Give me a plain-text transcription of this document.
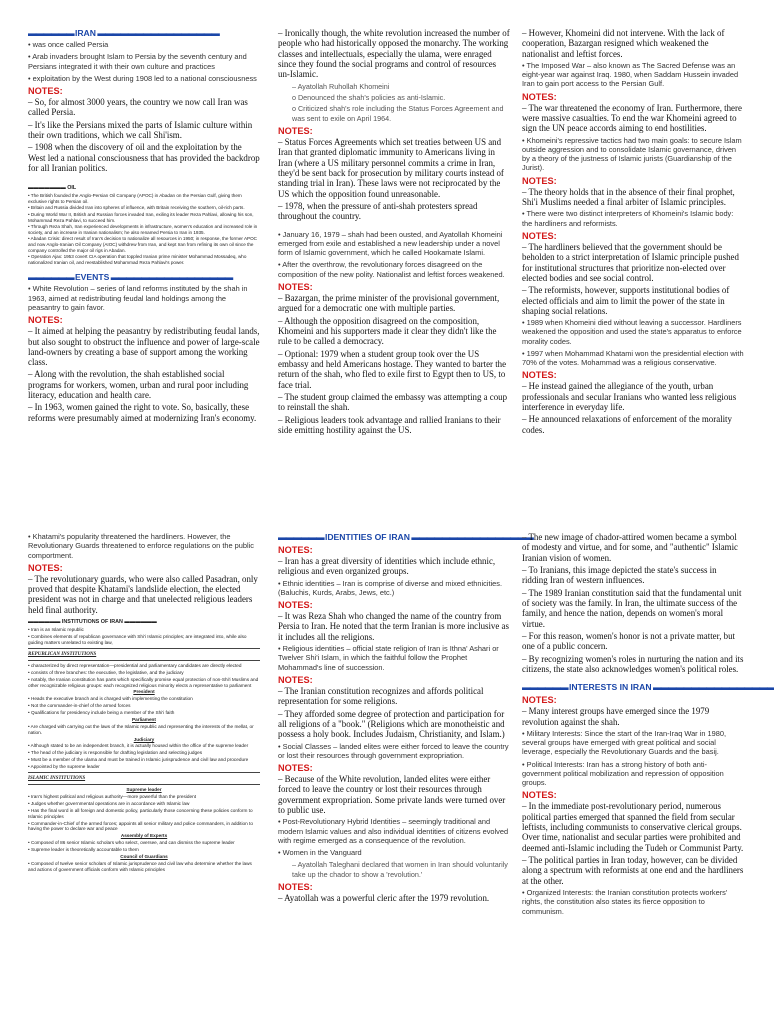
▬▬▬▬▬▬ IRAN ▬▬▬▬▬▬▬▬▬▬▬▬▬▬▬▬
• was once called Persia
• Arab invaders brought Islam to Persia by the seventh century and Persians integrated it with their own culture and practices
• exploitation by the West during 1908 led to a national consciousness
NOTES:
– So, for almost 3000 years, the country we now call Iran was called Persia.
– It's like the Persians mixed the parts of Islamic culture within their own traditions, which we call Shi'ism.
– 1908 when the discovery of oil and the exploitation by the West led a national consciousness that has provided the backdrop for all Iranian politics.
▬▬▬▬▬▬▬ OIL
• The British founded the Anglo-Persian Oil Company (APOC) in Abadan on the Persian Gulf, giving them exclusive rights to Persian oil.
• Britain and Russia divided Iran into spheres of influence, with Britain receiving the southern, oil-rich parts.
• During World War II, British and Russian forces invaded Iran, exiling its leader Reza Pahlavi, allowing his son, Mohammad Reza Pahlavi, to succeed him.
• Through Reza Shah, Iran experienced developments in infrastructure, women's education and increased role in society, and an increase in Iranian nationalism; he also renamed Persia to Iran in 1935.
• Abadan Crisis: direct result of Iran's decision to nationalize all resources in 1950; in response, the former APOC and now Anglo-Iranian Oil Company (AIOC) withdrew from Iran, and kept Iran from refining its own oil since the company controlled the major oil rigs in Abadan.
• Operation Ajax: 1953 covert CIA operation that toppled Iranian prime minister Mohammad Mossadeq, who nationalized Iranian oil, and reestablished Mohammad Reza Pahlavi's power.
▬▬▬▬▬▬ EVENTS ▬▬▬▬▬▬▬▬▬▬▬▬▬▬▬▬
• White Revolution – series of land reforms instituted by the shah in 1963, aimed at redistributing feudal land holdings among the peasantry to gain favor.
NOTES:
– It aimed at helping the peasantry by redistributing feudal lands, but also sought to obstruct the influence and power of large-scale land-owners by creating a base of support among the working class.
– Along with the revolution, the shah established social programs for workers, women, urban and rural poor including literacy, education and health care.
– In 1963, women gained the right to vote. So, basically, these reforms were presumably aimed at modernizing Iran's economy.
– Ironically though, the white revolution increased the number of people who had historically opposed the monarchy. The working classes and intellectuals, especially the ulama, were enraged since they found the social programs and control of resources un-Islamic.
– Ayatollah Ruhollah Khomeini
o Denounced the shah's policies as anti-Islamic.
o Criticized shah's role including the Status Forces Agreement and was sent to exile on April 1964.
NOTES:
– Status Forces Agreements which set treaties between US and Iran that granted diplomatic immunity to Americans living in Iran (where a US military personnel commits a crime in Iran, they'd be sent back for prosecution by military courts instead of standing trial in Iran). These laws were not reciprocated by the US which the opposition found unreasonable.
– 1978, when the pressure of anti-shah protesters spread throughout the country.
• January 16, 1979 – shah had been ousted, and Ayatollah Khomeini emerged from exile and established a new leadership under a novel form of Islamic government, which he called Hookamate Islami.
• After the overthrow, the revolutionary forces disagreed on the composition of the new polity. Nationalist and leftist forces weakened.
NOTES:
– Bazargan, the prime minister of the provisional government, argued for a democratic one with multiple parties.
– Although the opposition disagreed on the composition, Khomeini and his supporters made it clear they didn't like the rule to be called a democracy.
– Optional: 1979 when a student group took over the US embassy and held Americans hostage. They wanted to barter the return of the shah, who fled to exile first to Egypt then to US, to face trial.
– The student group claimed the embassy was attempting a coup to reinstall the shah.
– Religious leaders took advantage and rallied Iranians to their side emitting hostility against the US.
– However, Khomeini did not intervene. With the lack of cooperation, Bazargan resigned which weakened the nationalist and leftist forces.
• The Imposed War – also known as The Sacred Defense was an eight-year war against Iraq. 1980, when Saddam Hussein invaded Iran to gain port access to the Persian Gulf.
NOTES:
– The war threatened the economy of Iran. Furthermore, there were massive casualties. To end the war Khomeini agreed to sign the UN peace accords aiming to end hostilities.
• Khomeini's repressive tactics had two main goals: to secure Islam outside aggression and to consolidate Islamic governance, driven by a theory of the justness of Islamic jurists (Guardianship of the Jurist).
NOTES:
– The theory holds that in the absence of their final prophet, Shi'i Muslims needed a final arbiter of Islamic principles.
• There were two distinct interpreters of Khomeini's Islamic body: the hardliners and reformists.
NOTES:
– The hardliners believed that the government should be beholden to a strict interpretation of Islamic principle pushed for institutional structures that prioritize non-elected over elected bodies and see social control.
– The reformists, however, supports institutional bodies of elected officials and aim to limit the power of the state in shaping social relations.
• 1989 when Khomeini died without leaving a successor. Hardliners weakened the opposition and used the state's apparatus to enforce morality codes.
• 1997 when Mohammad Khatami won the presidential election with 70% of the votes. Mohammad was a religious conservative.
NOTES:
– He instead gained the allegiance of the youth, urban professionals and secular Iranians who wanted less religious interference in everyday life.
– He announced relaxations of enforcement of the morality codes.
• Khatami's popularity threatened the hardliners. However, the Revolutionary Guards threatened to enforce regulations on the public comportment.
NOTES:
– The revolutionary guards, who were also called Pasadran, only proved that despite Khatami's landslide election, the elected president was not in charge and that unelected religious leaders held final authority.
▬▬▬▬▬▬ INSTITUTIONS OF IRAN ▬▬▬▬▬▬
• Iran is an Islamic republic
• Combines elements of republican governance with Shi'i Islamic principles; are integrated into, while also guiding matters unrelated to existing law,
REPUBLICAN INSTITUTIONS
• characterized by direct representation—presidential and parliamentary candidates are directly elected
• consists of three branches: the executive, the legislative, and the judiciary
• notably, the Iranian constitution has parts which specifically promise equal protection of non-Shi'i Muslims and other recognizable religious groups: each recognized religious minority elects a representative to parliament
President
• Heads the executive branch and is charged with implementing the constitution
• Not the commander-in-chief of the armed forces
• Qualifications for presidency include being a member of the Shi'i faith
Parliament
• Are charged with carrying out the laws of the Islamic republic and representing the interests of the mellat, or nation.
Judiciary
• Although stated to be an independent branch, it is actually housed within the office of the supreme leader
• The head of the judiciary is responsible for drafting legislation and selecting judges
• Must be a member of the ulama and must be trained in Islamic jurisprudence and civil law and procedure
• Appointed by the supreme leader
ISLAMIC INSTITUTIONS
Supreme leader
• Iran's highest political and religious authority—more powerful than the president
• Judges whether governmental operations are in accordance with Islamic law
• Has the final word in all foreign and domestic policy, particularly those concerning these policies conform to Islamic principles
• Commander-in-Chief of the armed forces; appoints all senior military and police commanders, in addition to having the power to declare war and peace
Assembly of Experts
• Composed of 86 senior Islamic scholars who select, oversee, and can dismiss the supreme leader
• Supreme leader is theoretically accountable to them
Council of Guardians
• Composed of twelve senior scholars of Islamic jurisprudence and civil law who determine whether the laws and actions of government officials conform with Islamic principles
▬▬▬▬▬▬ IDENTITIES OF IRAN ▬▬▬▬▬▬▬▬▬▬▬▬▬▬▬▬
NOTES:
– Iran has a great diversity of identities which include ethnic, religious and even organized groups.
• Ethnic identities – Iran is comprise of diverse and mixed ethnicities. (Baluchis, Kurds, Arabs, Jews, etc.)
NOTES:
– It was Reza Shah who changed the name of the country from Persia to Iran. He noted that the term Iranian is more inclusive as it includes all the religions.
• Religious identities – official state religion of Iran is Ithna' Ashari or Twelver Shi'i Islam, in which the faithful follow the Prophet Mohammad's line of succession.
NOTES:
– The Iranian constitution recognizes and affords political representation for some religions.
– They afforded some degree of protection and participation for all religions of a "book." (Religions which are monotheistic and possess a holy book. Includes Judaism, Christianity, and Islam.)
• Social Classes – landed elites were either forced to leave the country or lost their resources through government expropriation.
NOTES:
– Because of the White revolution, landed elites were either forced to leave the country or lost their resources through government expropriation. Some private lands were turned over to public use.
• Post-Revolutionary Hybrid Identities – seemingly traditional and modern Islamic values and also individual identities of citizens evolved with regime emerged as a consequence of the revolution.
• Women in the Vanguard
– Ayatollah Taleghani declared that women in Iran should voluntarily take up the chador to show a 'revolution.'
NOTES:
– Ayatollah was a powerful cleric after the 1979 revolution.
– The new image of chador-attired women became a symbol of modesty and virtue, and for some, and "authentic" Islamic Iranian vision of women.
– To Iranians, this image depicted the state's success in ridding Iran of western influences.
– The 1989 Iranian constitution said that the fundamental unit of society was the family. In Iran, the ultimate success of the family, and hence the nation, depends on women's moral virtue.
– For this reason, women's honor is not a private matter, but one of a public concern.
– By recognizing women's roles in nurturing the nation and its citizens, the state also acknowledges women's political roles.
▬▬▬▬▬▬ INTERESTS IN IRAN ▬▬▬▬▬▬▬▬▬▬▬▬▬▬▬▬
NOTES:
– Many interest groups have emerged since the 1979 revolution against the shah.
• Military Interests: Since the start of the Iran-Iraq War in 1980, several groups have emerged with great political and social leverage, especially the Revolutionary Guards and the basij.
• Political Interests: Iran has a strong history of both anti-government political mobilization and repression of opposition groups.
NOTES:
– In the immediate post-revolutionary period, numerous political parties emerged that spanned the field from secular leftists, including communists to conservative clerical groups. Over time, nationalist and secular parties were prohibited and deemed anti-Islamic including the Tudeh or Communist Party.
– The political parties in Iran today, however, can be divided along a spectrum with reformists at one end and the hardliners at the other.
• Organized Interests: the Iranian constitution protects workers' rights, the constitution also states its fierce opposition to communism.
